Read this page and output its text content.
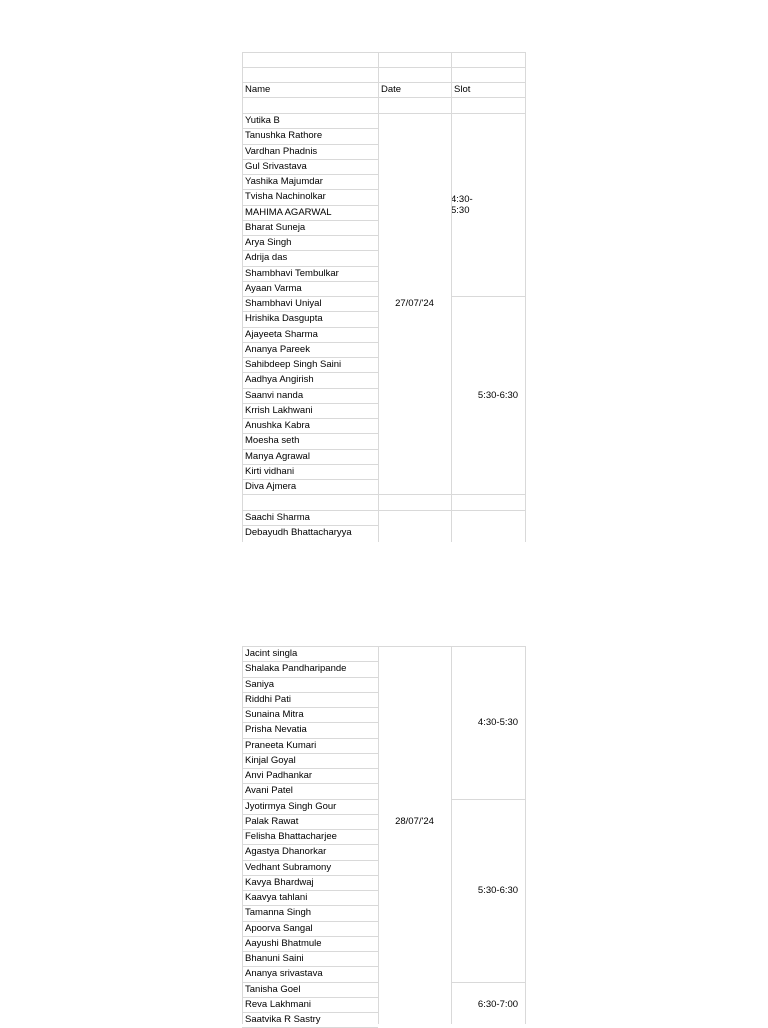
Name	Date	Slot
Yutika B
Tanushka Rathore
Vardhan Phadnis
Gul Srivastava
Yashika Majumdar
Tvisha Nachinolkar
MAHIMA AGARWAL
Bharat Suneja
Arya Singh
Adrija das
Shambhavi Tembulkar
Ayaan Varma
Shambhavi Uniyal
Hrishika Dasgupta
Ajayeeta Sharma
Ananya Pareek
Sahibdeep Singh Saini
Aadhya Angirish
Saanvi nanda
Krrish Lakhwani
Anushka Kabra
Moesha seth
Manya Agrawal
Kirti vidhani
Diva Ajmera
Saachi Sharma
Debayudh Bhattacharyya
4:30-5:30
5:30-6:30
27/07/'24
Jacint singla
Shalaka Pandharipande
Saniya
Riddhi Pati
Sunaina Mitra
Prisha Nevatia
Praneeta Kumari
Kinjal Goyal
Anvi Padhankar
Avani Patel
Jyotirmya Singh Gour
Palak Rawat
Felisha Bhattacharjee
Agastya Dhanorkar
Vedhant Subramony
Kavya Bhardwaj
Kaavya tahlani
Tamanna Singh
Apoorva Sangal
Aayushi Bhatmule
Bhanuni Saini
Ananya srivastava
Tanisha Goel
Reva Lakhmani
Saatvika R Sastry
4:30-5:30
5:30-6:30
6:30-7:00
28/07/'24
